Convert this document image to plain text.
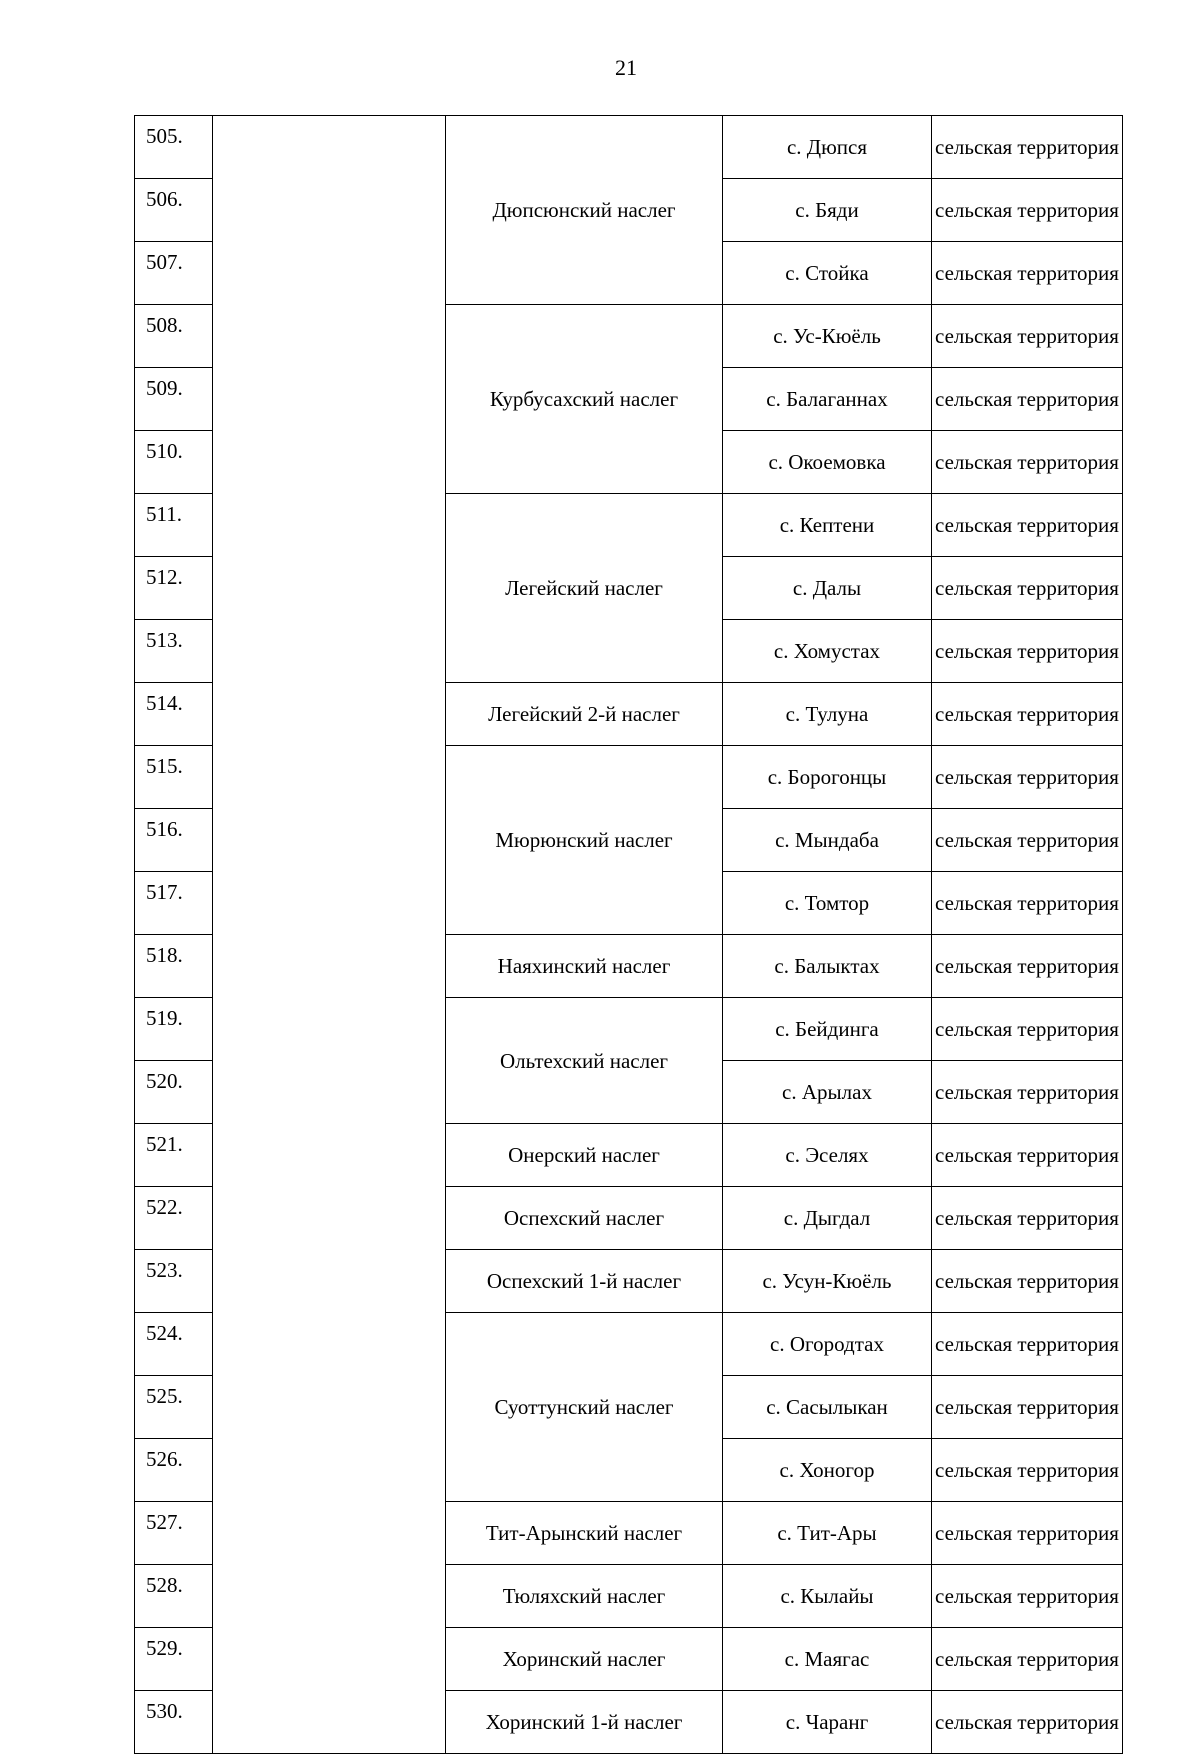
21
505.		Дюпсюнский наслег	с. Дюпся	сельская территория
506.			с. Бяди	сельская территория
507.			с. Стойка	сельская территория
508.		Курбусахский наслег	с. Ус-Кюёль	сельская территория
509.			с. Балаганнах	сельская территория
510.			с. Окоемовка	сельская территория
511.		Легейский наслег	с. Кептени	сельская территория
512.			с. Далы	сельская территория
513.			с. Хомустах	сельская территория
514.		Легейский 2-й наслег	с. Тулуна	сельская территория
515.		Мюрюнский наслег	с. Борогонцы	сельская территория
516.			с. Мындаба	сельская территория
517.			с. Томтор	сельская территория
518.		Наяхинский наслег	с. Балыктах	сельская территория
519.		Ольтехский наслег	с. Бейдинга	сельская территория
520.			с. Арылах	сельская территория
521.		Онерский наслег	с. Эселях	сельская территория
522.		Оспехский наслег	с. Дыгдал	сельская территория
523.		Оспехский 1-й наслег	с. Усун-Кюёль	сельская территория
524.		Суоттунский наслег	с. Огородтах	сельская территория
525.			с. Сасылыкан	сельская территория
526.			с. Хоногор	сельская территория
527.		Тит-Арынский наслег	с. Тит-Ары	сельская территория
528.		Тюляхский наслег	с. Кылайы	сельская территория
529.		Хоринский наслег	с. Маягас	сельская территория
530.		Хоринский 1-й наслег	с. Чаранг	сельская территория
